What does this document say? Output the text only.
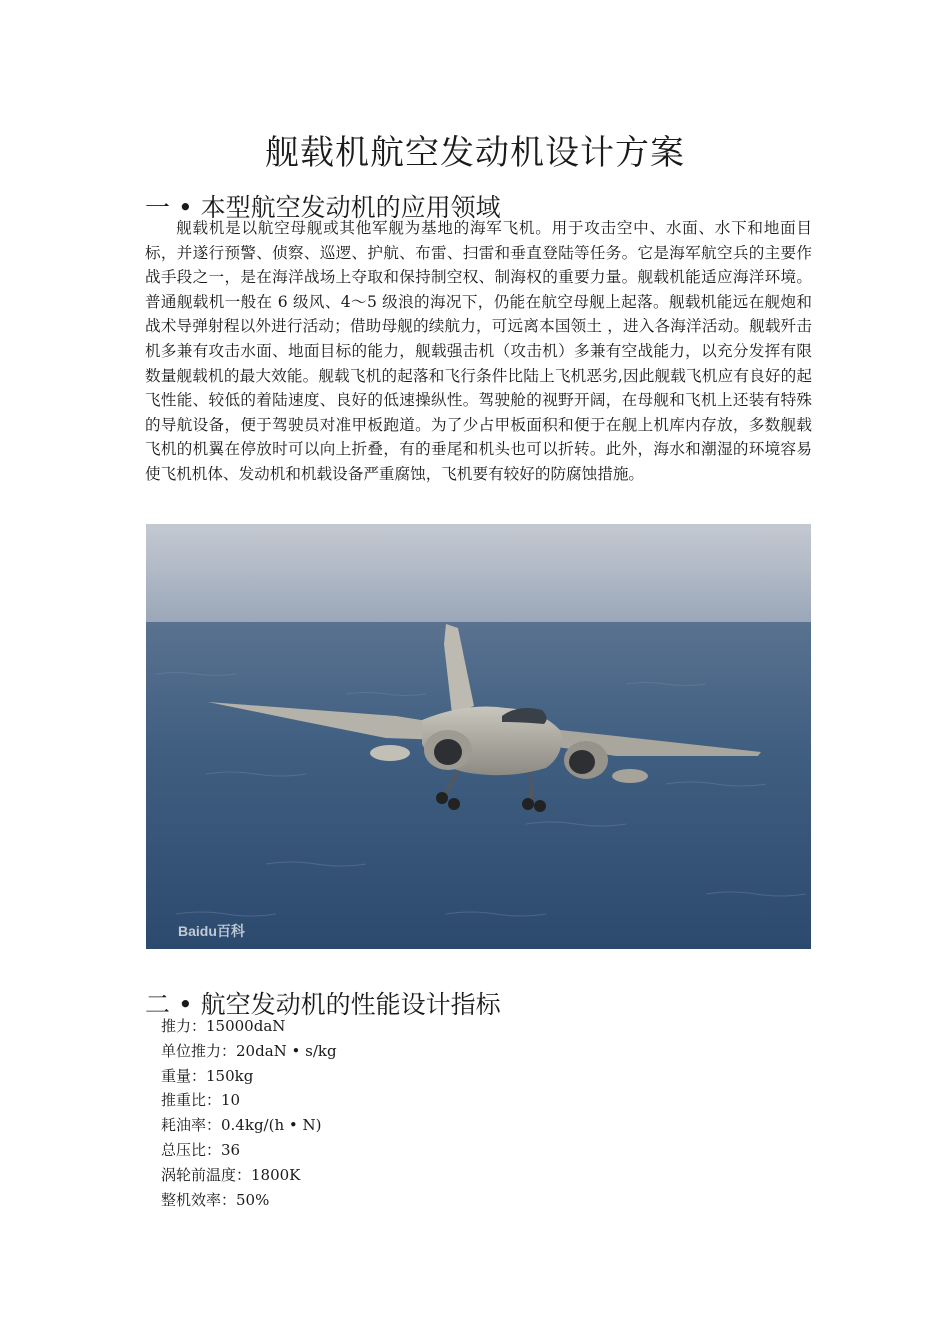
舰载机航空发动机设计方案
一 • 本型航空发动机的应用领域

舰载机是以航空母舰或其他军舰为基地的海军飞机。用于攻击空中、水面、水下和地面目标，并遂行预警、侦察、巡逻、护航、布雷、扫雷和垂直登陆等任务。它是海军航空兵的主要作战手段之一，是在海洋战场上夺取和保持制空权、制海权的重要力量。舰载机能适应海洋环境。普通舰载机一般在 6 级风、4～5 级浪的海况下，仍能在航空母舰上起落。舰载机能远在舰炮和战术导弹射程以外进行活动；借助母舰的续航力，可远离本国领土 ，进入各海洋活动。舰载歼击机多兼有攻击水面、地面目标的能力，舰载强击机（攻击机）多兼有空战能力，以充分发挥有限数量舰载机的最大效能。舰载飞机的起落和飞行条件比陆上飞机恶劣,因此舰载飞机应有良好的起飞性能、较低的着陆速度、良好的低速操纵性。驾驶舱的视野开阔，在母舰和飞机上还装有特殊的导航设备，便于驾驶员对准甲板跑道。为了少占甲板面积和便于在舰上机库内存放，多数舰载飞机的机翼在停放时可以向上折叠，有的垂尾和机头也可以折转。此外，海水和潮湿的环境容易使飞机机体、发动机和机载设备严重腐蚀，飞机要有较好的防腐蚀措施。

Baidu百科
二 • 航空发动机的性能设计指标
推力：15000daN
单位推力：20daN • s/kg
重量：150kg
推重比：10
耗油率：0.4kg/(h • N)
总压比：36
涡轮前温度：1800K
整机效率：50%
